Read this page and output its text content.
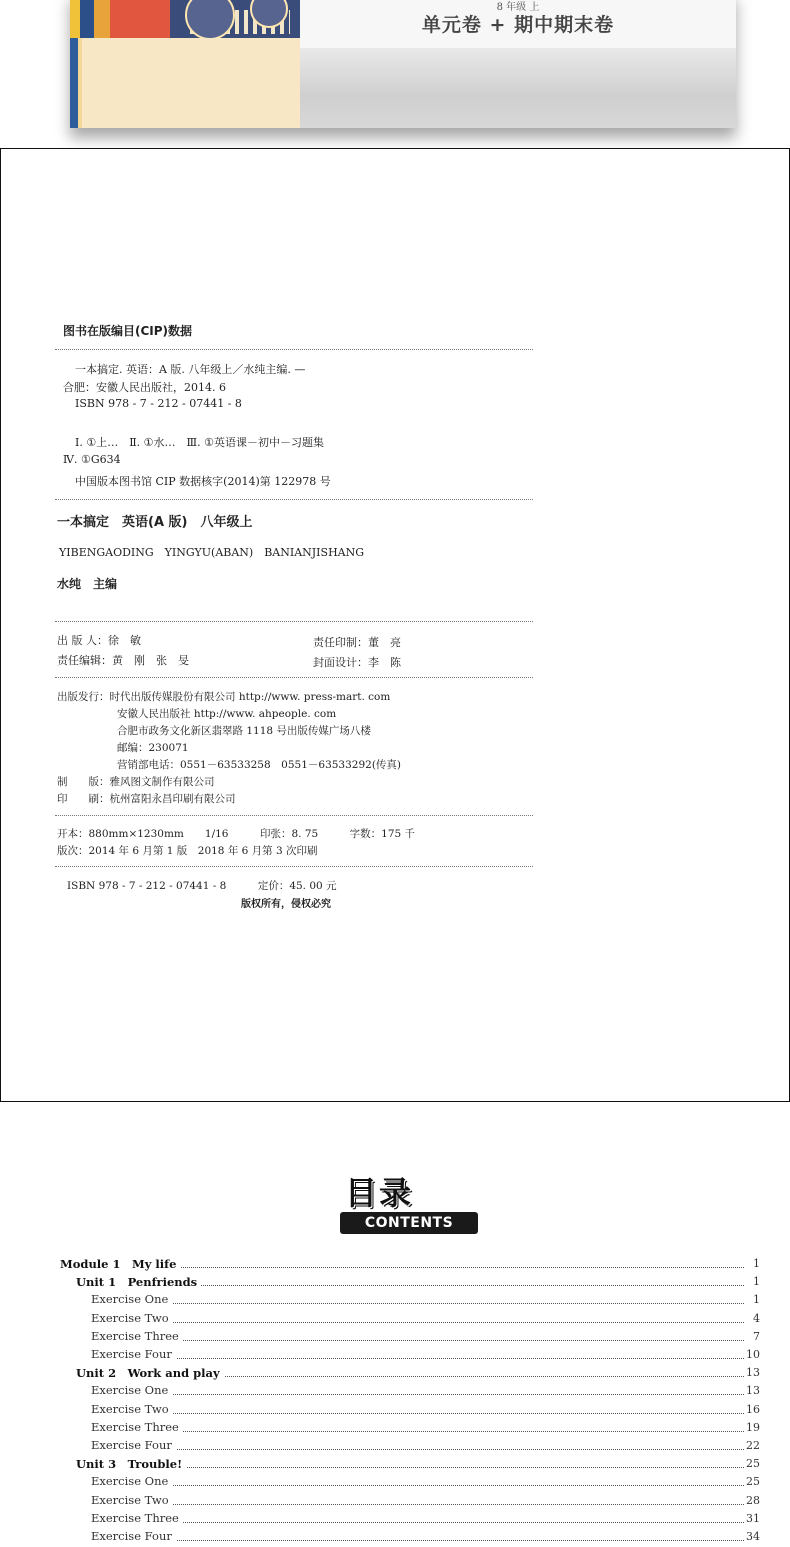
8 年级 上
单元卷 + 期中期末卷
图书在版编目(CIP)数据
一本搞定. 英语：A 版. 八年级上／水纯主编. —
合肥：安徽人民出版社，2014. 6
ISBN 978 - 7 - 212 - 07441 - 8
Ⅰ. ①上…　Ⅱ. ①水…　Ⅲ. ①英语课－初中－习题集
Ⅳ. ①G634
中国版本图书馆 CIP 数据核字(2014)第 122978 号
一本搞定　英语(A 版)　八年级上
YIBENGAODING　YINGYU(ABAN)　BANIANJISHANG
水纯　主编
出 版 人：徐　敏	责任印制：董　亮
责任编辑：黄　刚　张　旻	封面设计：李　陈
出版发行：时代出版传媒股份有限公司 http://www. press-mart. com
安徽人民出版社 http://www. ahpeople. com
合肥市政务文化新区翡翠路 1118 号出版传媒广场八楼
邮编：230071
营销部电话：0551－63533258　0551－63533292(传真)
制　　版：雅风图文制作有限公司
印　　刷：杭州富阳永昌印刷有限公司
开本：880mm×1230mm　　1/16　　　印张：8. 75　　　字数：175 千
版次：2014 年 6 月第 1 版　2018 年 6 月第 3 次印刷
ISBN 978 - 7 - 212 - 07441 - 8　　　定价：45. 00 元
版权所有，侵权必究
目录
CONTENTS
Module 1　My life	1
Unit 1　Penfriends	1
Exercise One	1
Exercise Two	4
Exercise Three	7
Exercise Four	10
Unit 2　Work and play	13
Exercise One	13
Exercise Two	16
Exercise Three	19
Exercise Four	22
Unit 3　Trouble!	25
Exercise One	25
Exercise Two	28
Exercise Three	31
Exercise Four	34
